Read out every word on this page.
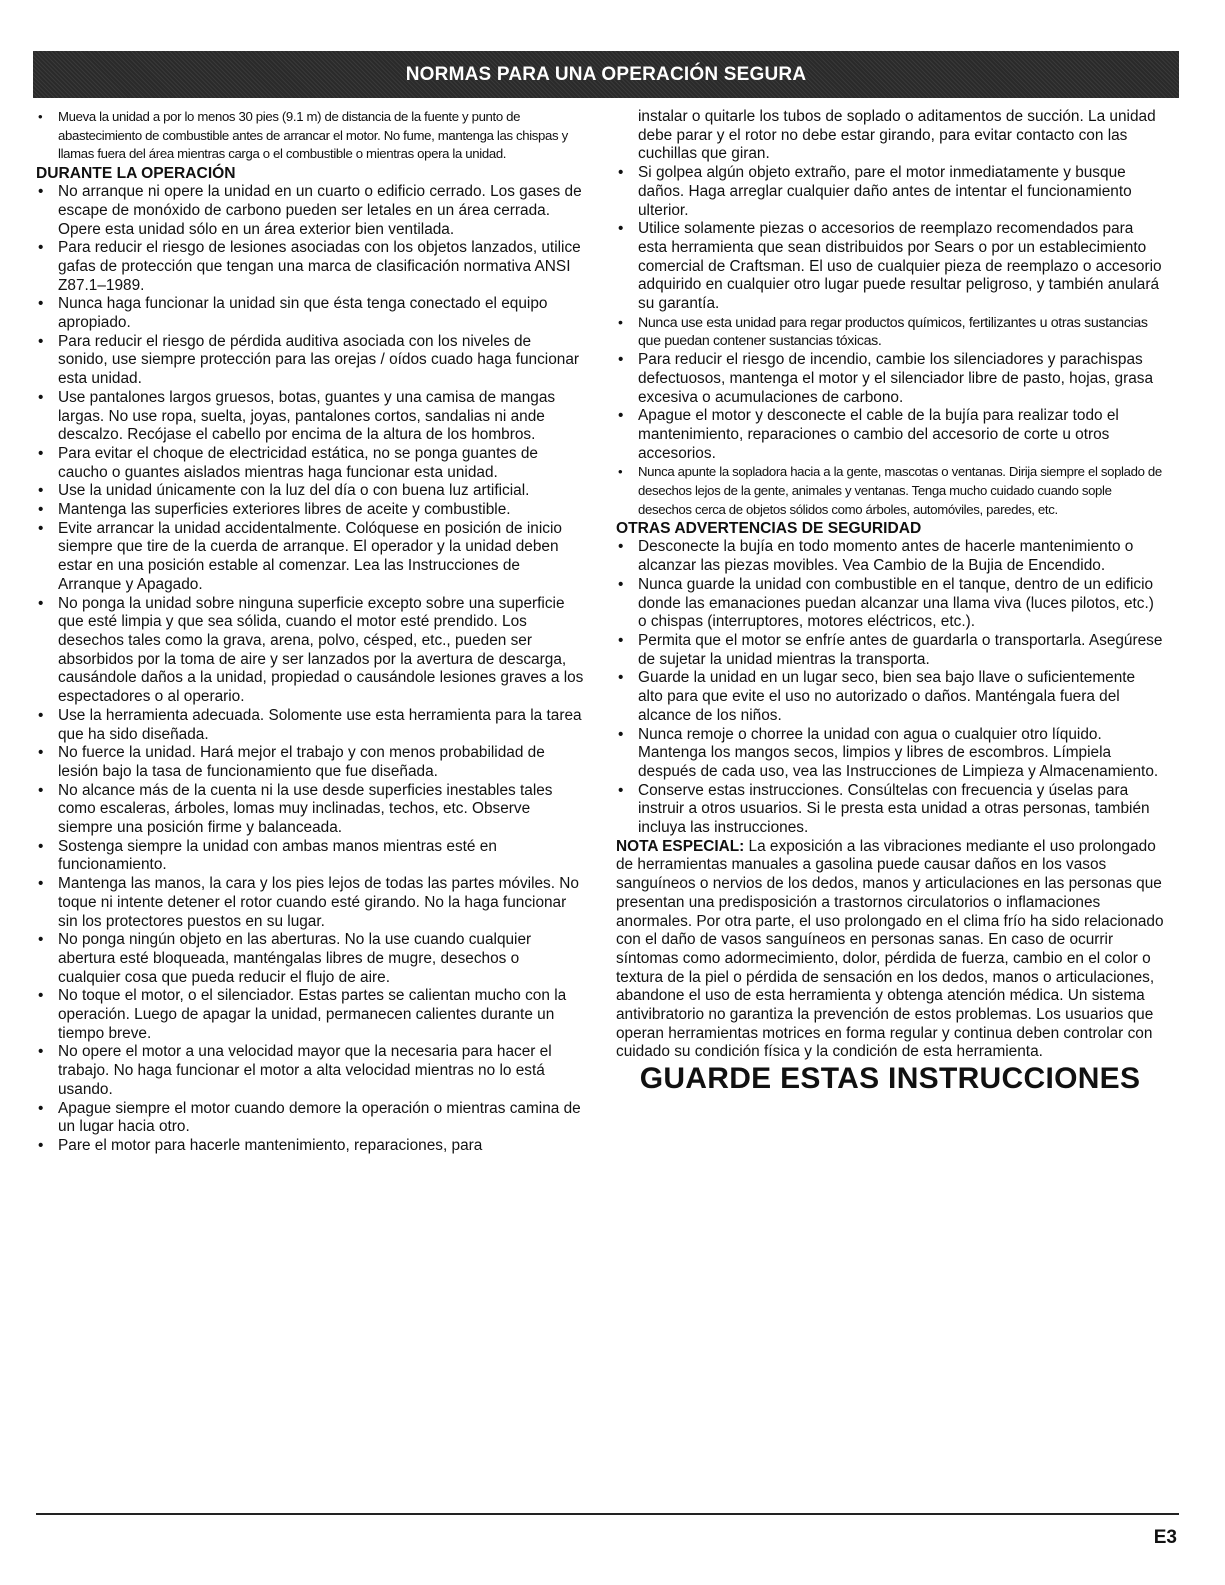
NORMAS PARA UNA OPERACIÓN SEGURA

• Mueva la unidad a por lo menos 30 pies (9.1 m) de distancia de la fuente y punto de abastecimiento de combustible antes de arrancar el motor. No fume, mantenga las chispas y llamas fuera del área mientras carga o el combustible o mientras opera la unidad.

DURANTE LA OPERACIÓN

• No arranque ni opere la unidad en un cuarto o edificio cerrado. Los gases de escape de monóxido de carbono pueden ser letales en un área cerrada. Opere esta unidad sólo en un área exterior bien ventilada.

• Para reducir el riesgo de lesiones asociadas con los objetos lanzados, utilice gafas de protección que tengan una marca de clasificación normativa ANSI Z87.1–1989.

• Nunca haga funcionar la unidad sin que ésta tenga conectado el equipo apropiado.

• Para reducir el riesgo de pérdida auditiva asociada con los niveles de sonido, use siempre protección para las orejas / oídos cuado haga funcionar esta unidad.

• Use pantalones largos gruesos, botas, guantes y una camisa de mangas largas. No use ropa, suelta, joyas, pantalones cortos, sandalias ni ande descalzo. Recójase el cabello por encima de la altura de los hombros.

• Para evitar el choque de electricidad estática, no se ponga guantes de caucho o guantes aislados mientras haga funcionar esta unidad.

• Use la unidad únicamente con la luz del día o con buena luz artificial.

• Mantenga las superficies exteriores libres de aceite y combustible.

• Evite arrancar la unidad accidentalmente. Colóquese en posición de inicio siempre que tire de la cuerda de arranque. El operador y la unidad deben estar en una posición estable al comenzar. Lea las Instrucciones de Arranque y Apagado.

• No ponga la unidad sobre ninguna superficie excepto sobre una superficie que esté limpia y que sea sólida, cuando el motor esté prendido. Los desechos tales como la grava, arena, polvo, césped, etc., pueden ser absorbidos por la toma de aire y ser lanzados por la avertura de descarga, causándole daños a la unidad, propiedad o causándole lesiones graves a los espectadores o al operario.

• Use la herramienta adecuada. Solomente use esta herramienta para la tarea que ha sido diseñada.

• No fuerce la unidad. Hará mejor el trabajo y con menos probabilidad de lesión bajo la tasa de funcionamiento que fue diseñada.

• No alcance más de la cuenta ni la use desde superficies inestables tales como escaleras, árboles, lomas muy inclinadas, techos, etc. Observe siempre una posición firme y balanceada.

• Sostenga siempre la unidad con ambas manos mientras esté en funcionamiento.

• Mantenga las manos, la cara y los pies lejos de todas las partes móviles. No toque ni intente detener el rotor cuando esté girando. No la haga funcionar sin los protectores puestos en su lugar.

• No ponga ningún objeto en las aberturas. No la use cuando cualquier abertura esté bloqueada, manténgalas libres de mugre, desechos o cualquier cosa que pueda reducir el flujo de aire.

• No toque el motor, o el silenciador. Estas partes se calientan mucho con la operación. Luego de apagar la unidad, permanecen calientes durante un tiempo breve.

• No opere el motor a una velocidad mayor que la necesaria para hacer el trabajo. No haga funcionar el motor a alta velocidad mientras no lo está usando.

• Apague siempre el motor cuando demore la operación o mientras camina de un lugar hacia otro.

• Pare el motor para hacerle mantenimiento, reparaciones, para

instalar o quitarle los tubos de soplado o aditamentos de succión. La unidad debe parar y el rotor no debe estar girando, para evitar contacto con las cuchillas que giran.

• Si golpea algún objeto extraño, pare el motor inmediatamente y busque daños. Haga arreglar cualquier daño antes de intentar el funcionamiento ulterior.

• Utilice solamente piezas o accesorios de reemplazo recomendados para esta herramienta que sean distribuidos por Sears o por un establecimiento comercial de Craftsman. El uso de cualquier pieza de reemplazo o accesorio adquirido en cualquier otro lugar puede resultar peligroso, y también anulará su garantía.

• Nunca use esta unidad para regar productos químicos, fertilizantes u otras sustancias que puedan contener sustancias tóxicas.

• Para reducir el riesgo de incendio, cambie los silenciadores y parachispas defectuosos, mantenga el motor y el silenciador libre de pasto, hojas, grasa excesiva o acumulaciones de carbono.

• Apague el motor y desconecte el cable de la bujía para realizar todo el mantenimiento, reparaciones o cambio del accesorio de corte u otros accesorios.

• Nunca apunte la sopladora hacia a la gente, mascotas o ventanas. Dirija siempre el soplado de desechos lejos de la gente, animales y ventanas. Tenga mucho cuidado cuando sople desechos cerca de objetos sólidos como árboles, automóviles, paredes, etc.

OTRAS ADVERTENCIAS DE SEGURIDAD

• Desconecte la bujía en todo momento antes de hacerle mantenimiento o alcanzar las piezas movibles. Vea Cambio de la Bujia de Encendido.

• Nunca guarde la unidad con combustible en el tanque, dentro de un edificio donde las emanaciones puedan alcanzar una llama viva (luces pilotos, etc.) o chispas (interruptores, motores eléctricos, etc.).

• Permita que el motor se enfríe antes de guardarla o transportarla. Asegúrese de sujetar la unidad mientras la transporta.

• Guarde la unidad en un lugar seco, bien sea bajo llave o suficientemente alto para que evite el uso no autorizado o daños. Manténgala fuera del alcance de los niños.

• Nunca remoje o chorree la unidad con agua o cualquier otro líquido. Mantenga los mangos secos, limpios y libres de escombros. Límpiela después de cada uso, vea las Instrucciones de Limpieza y Almacenamiento.

• Conserve estas instrucciones. Consúltelas con frecuencia y úselas para instruir a otros usuarios. Si le presta esta unidad a otras personas, también incluya las instrucciones.

NOTA ESPECIAL: La exposición a las vibraciones mediante el uso prolongado de herramientas manuales a gasolina puede causar daños en los vasos sanguíneos o nervios de los dedos, manos y articulaciones en las personas que presentan una predisposición a trastornos circulatorios o inflamaciones anormales. Por otra parte, el uso prolongado en el clima frío ha sido relacionado con el daño de vasos sanguíneos en personas sanas. En caso de ocurrir síntomas como adormecimiento, dolor, pérdida de fuerza, cambio en el color o textura de la piel o pérdida de sensación en los dedos, manos o articulaciones, abandone el uso de esta herramienta y obtenga atención médica. Un sistema antivibratorio no garantiza la prevención de estos problemas. Los usuarios que operan herramientas motrices en forma regular y continua deben controlar con cuidado su condición física y la condición de esta herramienta.

GUARDE ESTAS INSTRUCCIONES

E3
